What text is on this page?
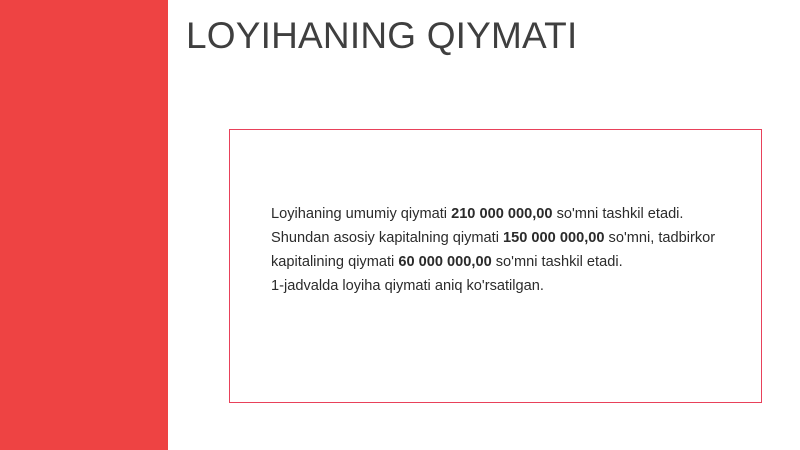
LOYIHANING QIYMATI
Loyihaning umumiy qiymati 210 000 000,00 so'mni tashkil etadi. Shundan asosiy kapitalning qiymati 150 000 000,00 so'mni, tadbirkor kapitalining qiymati 60 000 000,00 so'mni tashkil etadi.
1-jadvalda loyiha qiymati aniq ko'rsatilgan.
